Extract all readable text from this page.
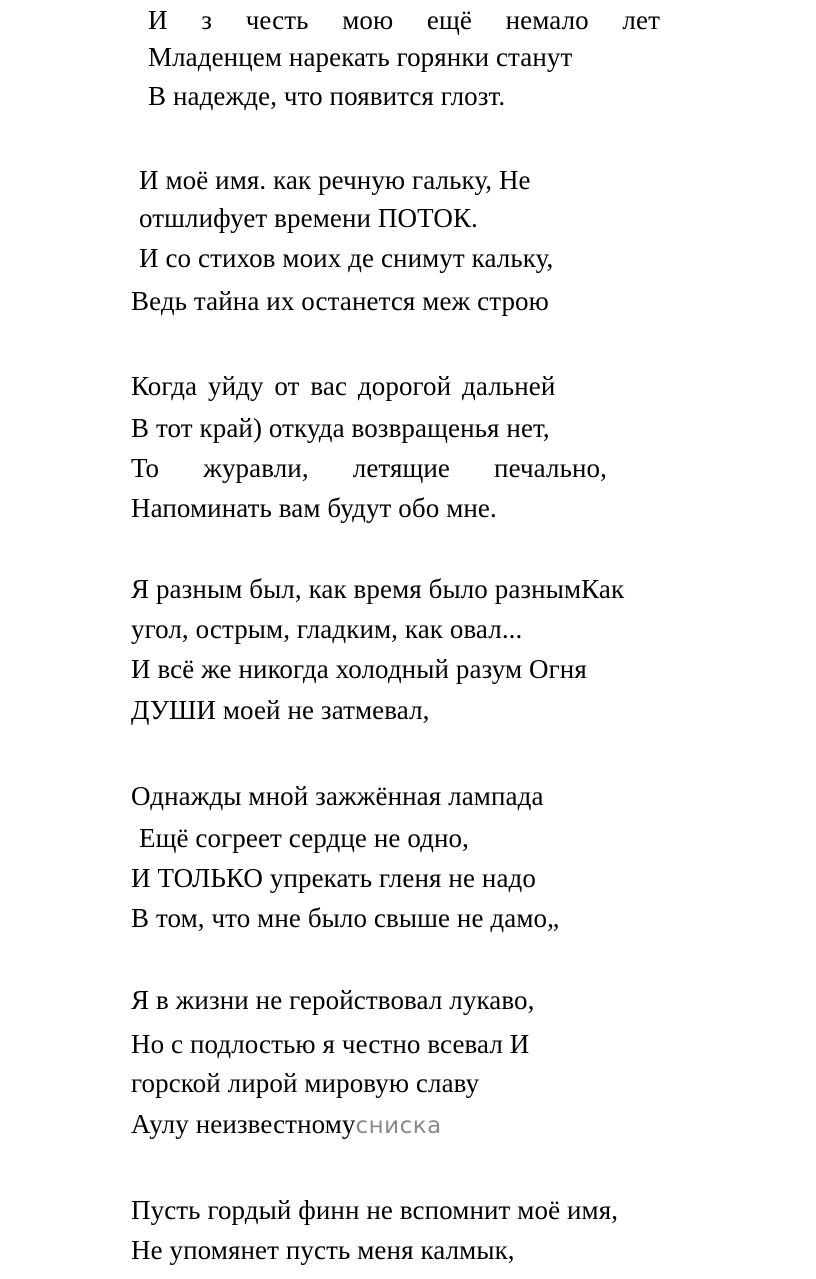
И з честь мою ещё немало лет
Младенцем нарекать горянки станут
В надежде, что появится глозт.
И моё имя. как речную гальку, Не
отшлифует времени ПОТОК.
И со стихов моих де снимут кальку,
Ведь тайна их останется меж строю
Когда уйду от вас дорогой дальней
В тот край) откуда возвращенья нет,
То журавли, летящие печально,
Напоминать вам будут обо мне.
Я разным был, как время было разнымКак
угол, острым, гладким, как овал...
И всё же никогда холодный разум Огня
ДУШИ моей не затмевал,
Однажды мной зажжённая лампада
Ещё согреет сердце не одно,
И ТОЛЬКО упрекать гленя не надо
В том, что мне было свыше не дамо„
Я в жизни не геройствовал лукаво,
Но с подлостью я честно всевал И
горской лирой мировую славу
Аулу неизвестномусниска
Пусть гордый финн не вспомнит моё имя,
Не упомянет пусть меня калмык,
